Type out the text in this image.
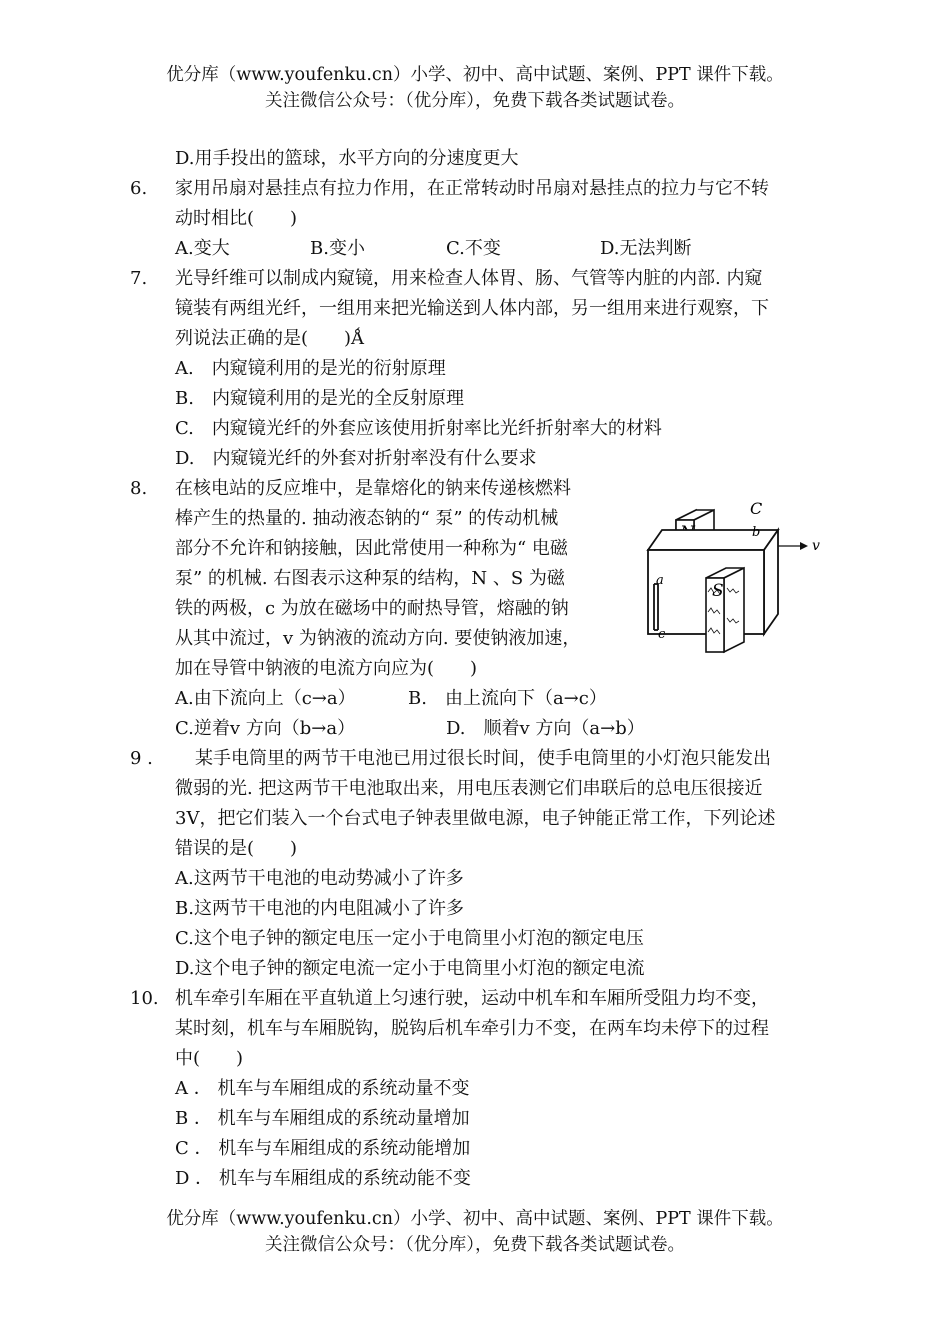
优分库（www.youfenku.cn）小学、初中、高中试题、案例、PPT 课件下载。
关注微信公众号：（优分库），免费下载各类试题试卷。
D.用手投出的篮球，水平方向的分速度更大
6. 家用吊扇对悬挂点有拉力作用，在正常转动时吊扇对悬挂点的拉力与它不转
动时相比(　　)
A.变大	B.变小	C.不变	D.无法判断
7. 光导纤维可以制成内窥镜，用来检查人体胃、肠、气管等内脏的内部. 内窥
镜装有两组光纤，一组用来把光输送到人体内部，另一组用来进行观察，下
列说法正确的是(　　)Ǻ
A.　内窥镜利用的是光的衍射原理
B.　内窥镜利用的是光的全反射原理
C.　内窥镜光纤的外套应该使用折射率比光纤折射率大的材料
D.　内窥镜光纤的外套对折射率没有什么要求
8. 在核电站的反应堆中，是靠熔化的钠来传递核燃料
棒产生的热量的. 抽动液态钠的“ 泵” 的传动机械
部分不允许和钠接触，因此常使用一种称为“ 电磁
泵” 的机械. 右图表示这种泵的结构，N 、S 为磁
铁的两极，c 为放在磁场中的耐热导管，熔融的钠
从其中流过，v 为钠液的流动方向. 要使钠液加速，
加在导管中钠液的电流方向应为(　　)
A.由下流向上（c→a）	B.　由上流向下（a→c）
C.逆着v 方向（b→a）	D.　顺着v 方向（a→b）
S
C
b
a
c
v
9 . 某手电筒里的两节干电池已用过很长时间，使手电筒里的小灯泡只能发出
微弱的光. 把这两节干电池取出来，用电压表测它们串联后的总电压很接近
3V，把它们装入一个台式电子钟表里做电源，电子钟能正常工作，下列论述
错误的是(　　)
A.这两节干电池的电动势减小了许多
B.这两节干电池的内电阻减小了许多
C.这个电子钟的额定电压一定小于电筒里小灯泡的额定电压
D.这个电子钟的额定电流一定小于电筒里小灯泡的额定电流
10. 机车牵引车厢在平直轨道上匀速行驶，运动中机车和车厢所受阻力均不变，
某时刻，机车与车厢脱钩，脱钩后机车牵引力不变，在两车均未停下的过程
中(　　)
A ． 机车与车厢组成的系统动量不变
B ． 机车与车厢组成的系统动量增加
C ． 机车与车厢组成的系统动能增加
D ． 机车与车厢组成的系统动能不变
优分库（www.youfenku.cn）小学、初中、高中试题、案例、PPT 课件下载。
关注微信公众号：（优分库），免费下载各类试题试卷。
